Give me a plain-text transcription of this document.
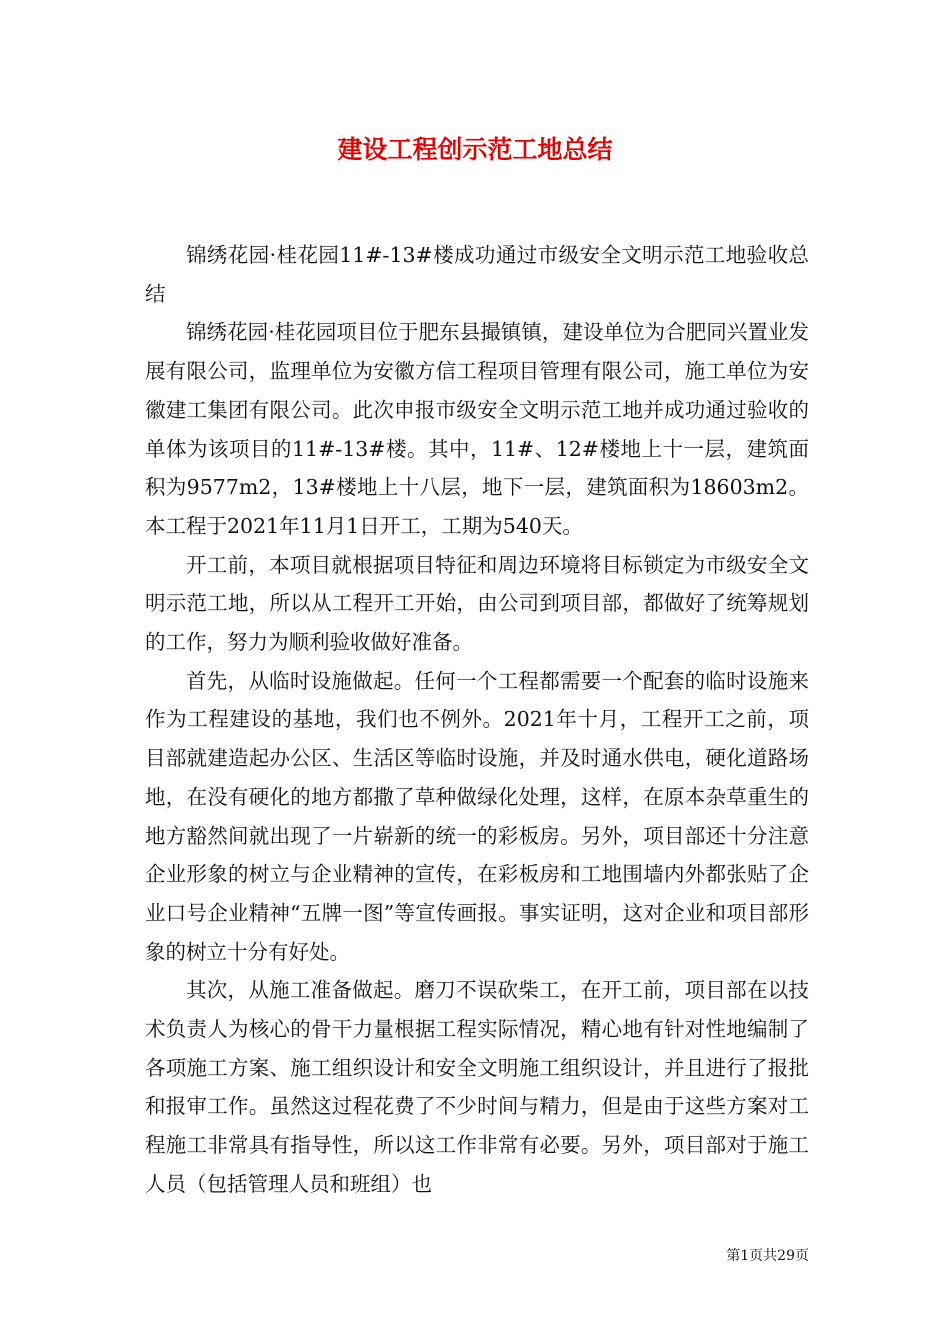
建设工程创示范工地总结

锦绣花园·桂花园11#-13#楼成功通过市级安全文明示范工地验收总结

锦绣花园·桂花园项目位于肥东县撮镇镇，建设单位为合肥同兴置业发展有限公司，监理单位为安徽方信工程项目管理有限公司，施工单位为安徽建工集团有限公司。此次申报市级安全文明示范工地并成功通过验收的单体为该项目的11#-13#楼。其中，11#、12#楼地上十一层，建筑面积为9577m2，13#楼地上十八层，地下一层，建筑面积为18603m2。本工程于2021年11月1日开工，工期为540天。

开工前，本项目就根据项目特征和周边环境将目标锁定为市级安全文明示范工地，所以从工程开工开始，由公司到项目部，都做好了统筹规划的工作，努力为顺利验收做好准备。

首先，从临时设施做起。任何一个工程都需要一个配套的临时设施来作为工程建设的基地，我们也不例外。2021年十月，工程开工之前，项目部就建造起办公区、生活区等临时设施，并及时通水供电，硬化道路场地，在没有硬化的地方都撒了草种做绿化处理，这样，在原本杂草重生的地方豁然间就出现了一片崭新的统一的彩板房。另外，项目部还十分注意企业形象的树立与企业精神的宣传，在彩板房和工地围墙内外都张贴了企业口号企业精神“五牌一图”等宣传画报。事实证明，这对企业和项目部形象的树立十分有好处。

其次，从施工准备做起。磨刀不误砍柴工，在开工前，项目部在以技术负责人为核心的骨干力量根据工程实际情况，精心地有针对性地编制了各项施工方案、施工组织设计和安全文明施工组织设计，并且进行了报批和报审工作。虽然这过程花费了不少时间与精力，但是由于这些方案对工程施工非常具有指导性，所以这工作非常有必要。另外，项目部对于施工人员（包括管理人员和班组）也

第1页共29页
